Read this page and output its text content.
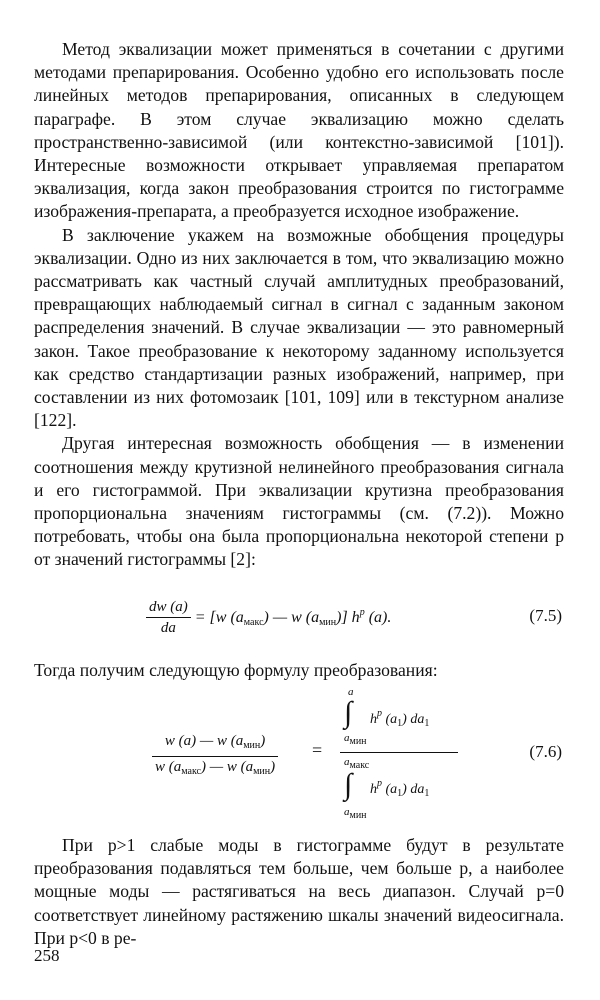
Метод эквализации может применяться в сочетании с другими методами препарирования. Особенно удобно его использовать после линейных методов препарирования, описанных в следующем параграфе. В этом случае эквализацию можно сделать пространственно-зависимой (или контекстно-зависимой [101]). Интересные возможности открывает управляемая препаратом эквализация, когда закон преобразования строится по гистограмме изображения-препарата, а преобразуется исходное изображение.

В заключение укажем на возможные обобщения процедуры эквализации. Одно из них заключается в том, что эквализацию можно рассматривать как частный случай амплитудных преобразований, превращающих наблюдаемый сигнал в сигнал с заданным законом распределения значений. В случае эквализации — это равномерный закон. Такое преобразование к некоторому заданному используется как средство стандартизации разных изображений, например, при составлении из них фотомозаик [101, 109] или в текстурном анализе [122].

Другая интересная возможность обобщения — в изменении соотношения между крутизной нелинейного преобразования сигнала и его гистограммой. При эквализации крутизна преобразования пропорциональна значениям гистограммы (см. (7.2)). Можно потребовать, чтобы она была пропорциональна некоторой степени p от значений гистограммы [2]:

$\frac{dw (a)}{da} = [w$ $(a_{макс})$ — w $(a_{мин})$] $h^p$ (a).	(7.5)
Тогда получим следующую формулу преобразования:
$\frac{w (a) — w (a_{мин})}{w (a_{макс}) — w (a_{мин})}$ =
a
∫ $h^p$ $(a_1)$ $da_1$
aмин
aмакс
∫ $h^p$ $(a_1)$ $da_1$
aмин
(7.6)

При p>1 слабые моды в гистограмме будут в результате преобразования подавляться тем больше, чем больше p, а наиболее мощные моды — растягиваться на весь диапазон. Случай p=0 соответствует линейному растяжению шкалы значений видеосигнала. При p<0 в ре-

258
